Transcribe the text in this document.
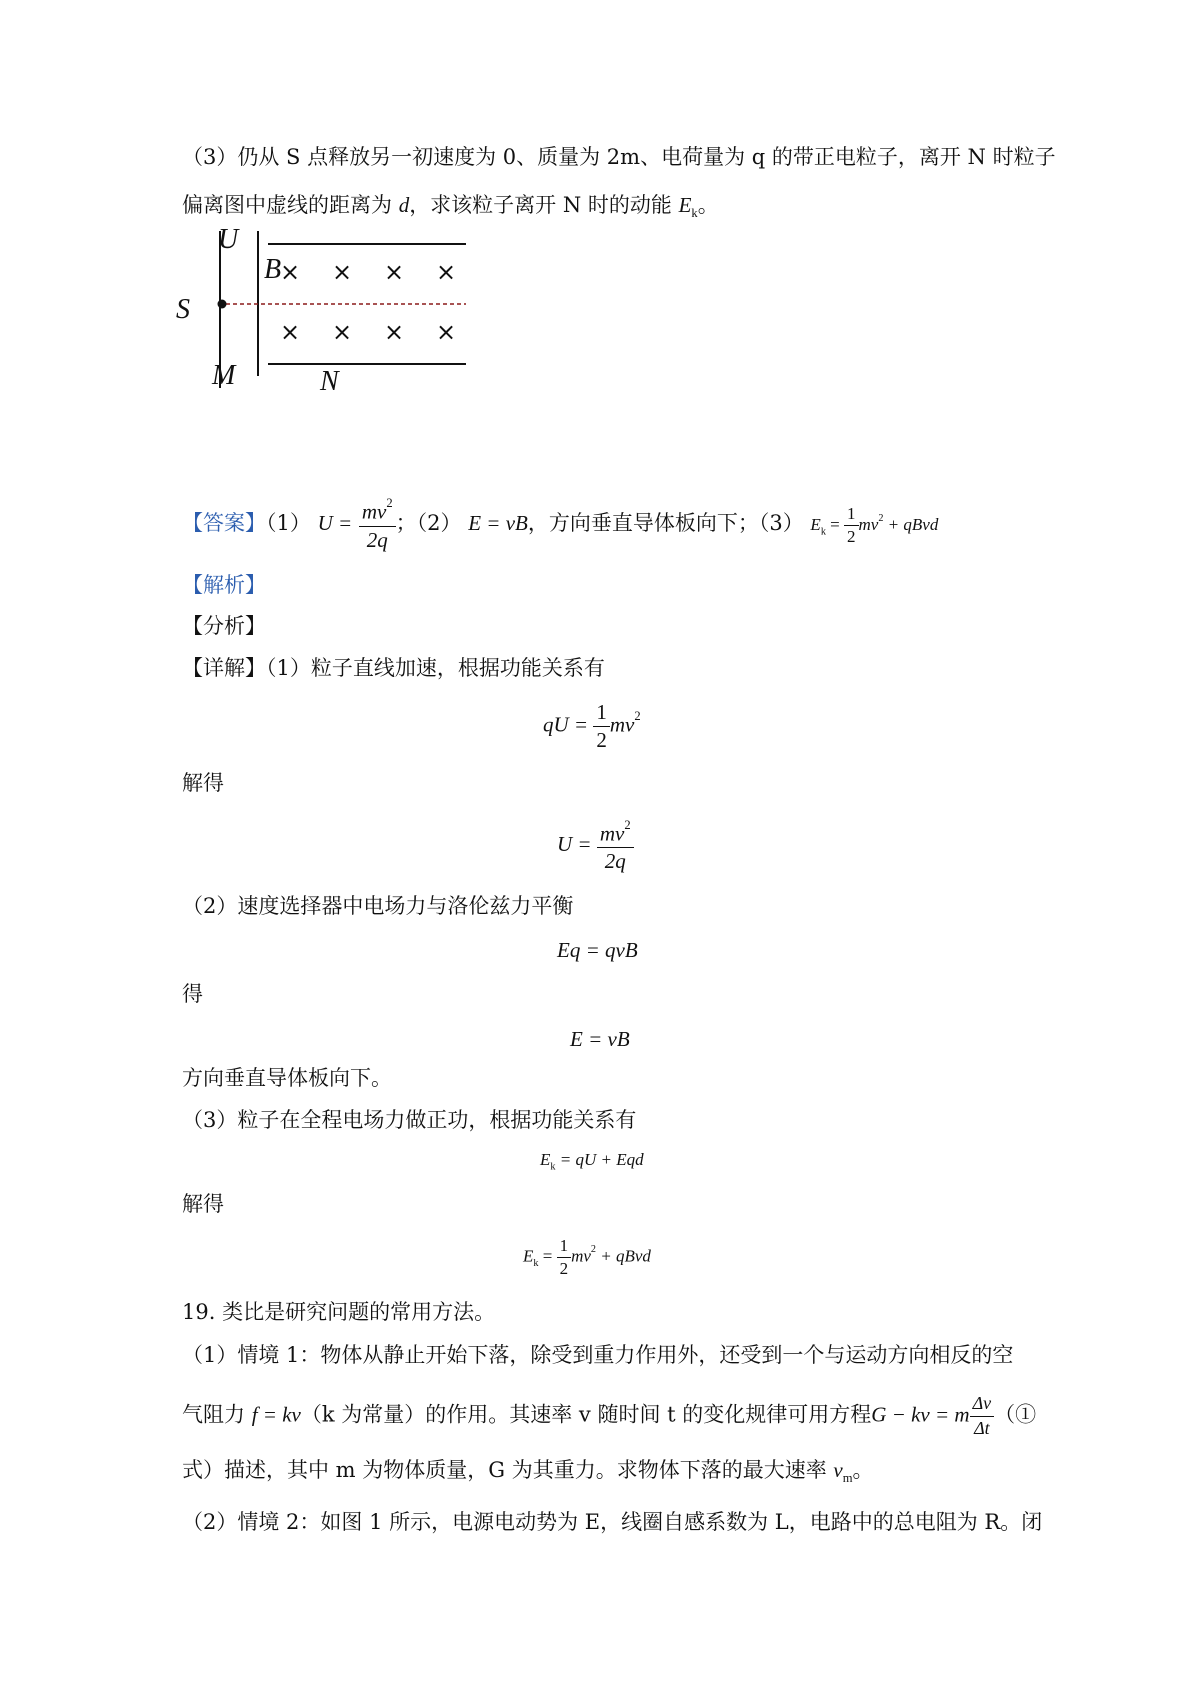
（3）仍从 S 点释放另一初速度为 0、质量为 2m、电荷量为 q 的带正电粒子，离开 N 时粒子
偏离图中虚线的距离为 d，求该粒子离开 N 时的动能 $E_k$。
U
B
S
M	N
× × × ×
× × × ×
【答案】（1） $U = \frac{mv^2}{2q}$ ；（2） E = vB，方向垂直导体板向下；（3） $E_k = \frac{1}{2} mv^2$ + qBvd
【解析】
【分析】
【详解】（1）粒子直线加速，根据功能关系有
qU = $\frac{1}{2} mv^2$
解得
$U = \frac{mv^2}{2q}$
（2）速度选择器中电场力与洛伦兹力平衡
Eq = qvB
得
E = vB
方向垂直导体板向下。
（3）粒子在全程电场力做正功，根据功能关系有
$E_k$ = qU + Eqd
解得
$E_k = \frac{1}{2} mv^2$ + qBvd
19. 类比是研究问题的常用方法。
（1）情境 1：物体从静止开始下落，除受到重力作用外，还受到一个与运动方向相反的空
气阻力 f = kv（k 为常量）的作用。其速率 v 随时间 t 的变化规律可用方程G − kv = m $\frac{\Delta v}{\Delta t}$ （①
式）描述，其中 m 为物体质量，G 为其重力。求物体下落的最大速率 $v_m$。
（2）情境 2：如图 1 所示，电源电动势为 E，线圈自感系数为 L，电路中的总电阻为 R。闭
